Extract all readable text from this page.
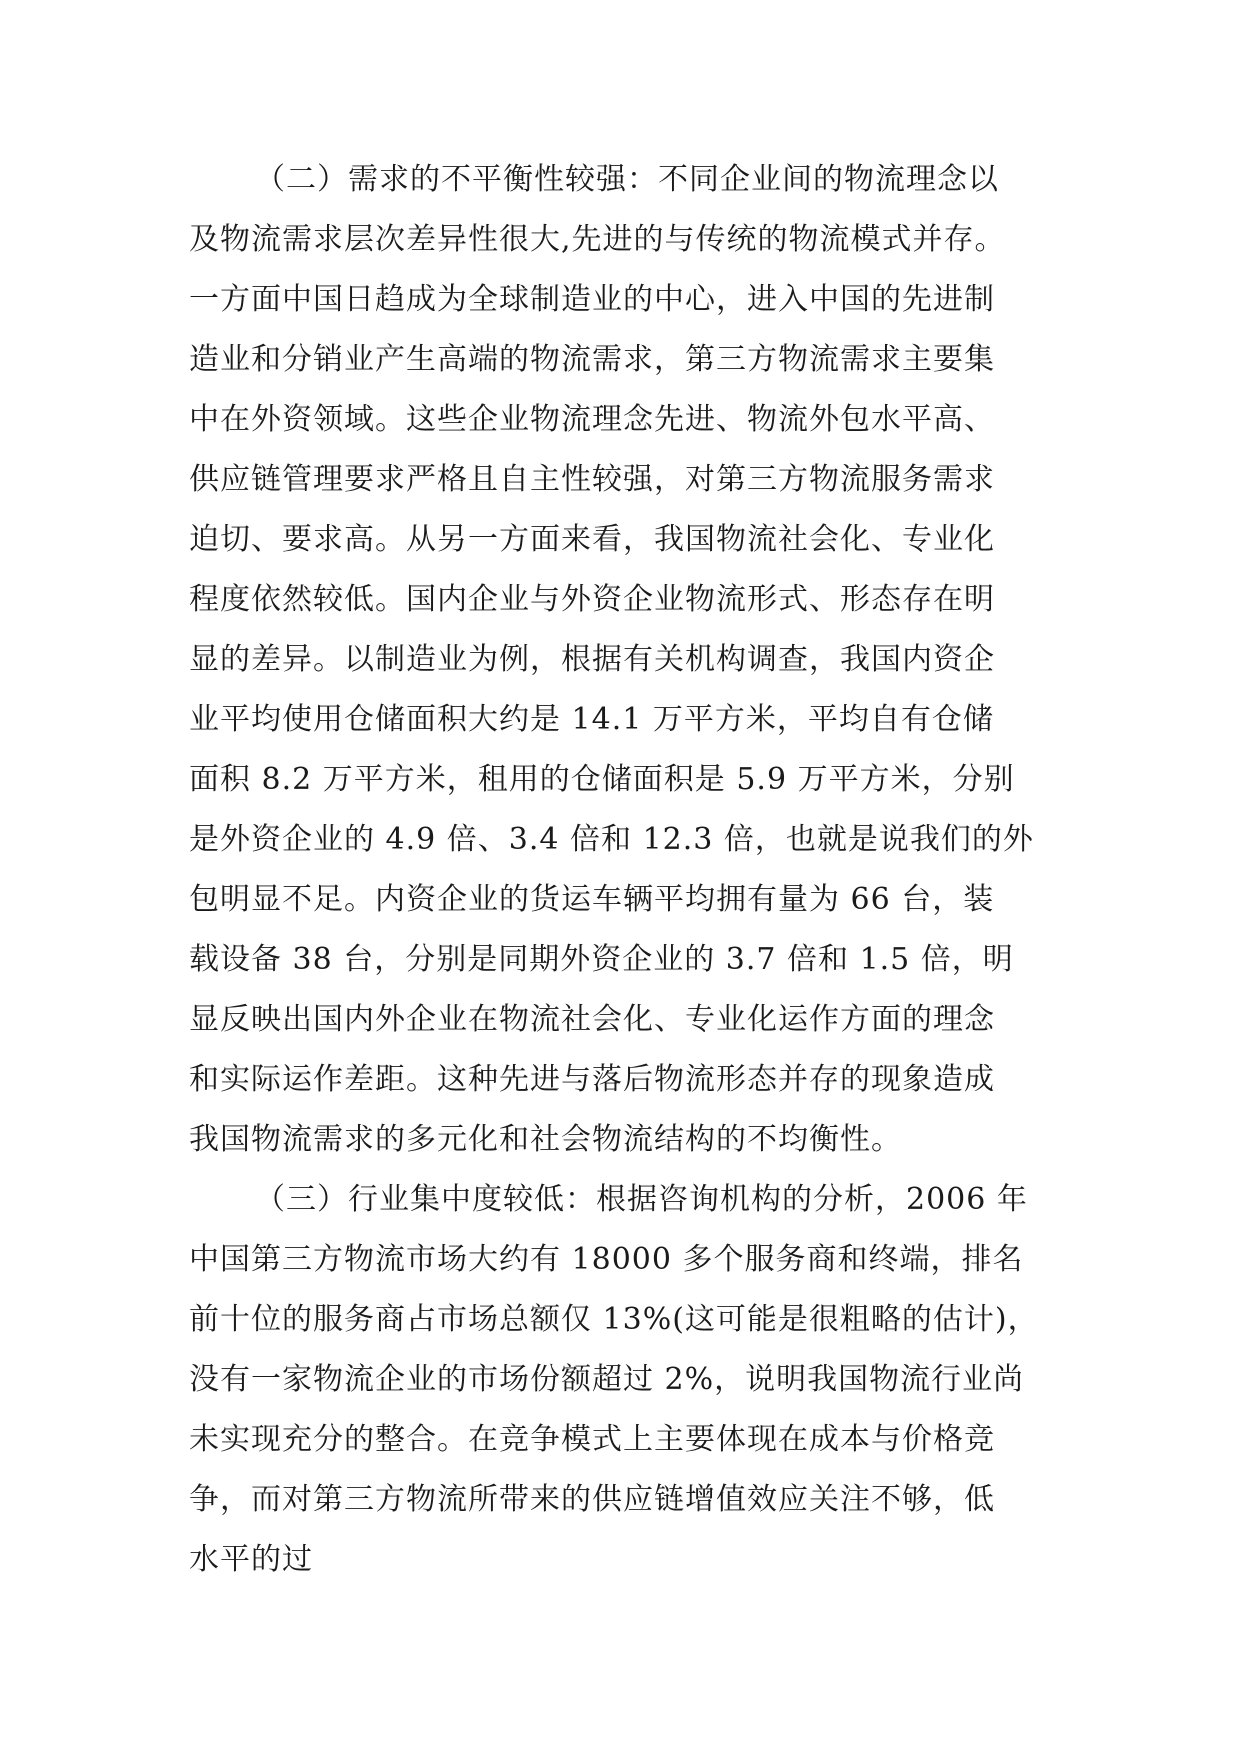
（二）需求的不平衡性较强：不同企业间的物流理念以
及物流需求层次差异性很大,先进的与传统的物流模式并存。
一方面中国日趋成为全球制造业的中心，进入中国的先进制
造业和分销业产生高端的物流需求，第三方物流需求主要集
中在外资领域。这些企业物流理念先进、物流外包水平高、
供应链管理要求严格且自主性较强，对第三方物流服务需求
迫切、要求高。从另一方面来看，我国物流社会化、专业化
程度依然较低。国内企业与外资企业物流形式、形态存在明
显的差异。以制造业为例，根据有关机构调查，我国内资企
业平均使用仓储面积大约是 14.1 万平方米，平均自有仓储
面积 8.2 万平方米，租用的仓储面积是 5.9 万平方米，分别
是外资企业的 4.9 倍、3.4 倍和 12.3 倍，也就是说我们的外
包明显不足。内资企业的货运车辆平均拥有量为 66 台，装
载设备 38 台，分别是同期外资企业的 3.7 倍和 1.5 倍，明
显反映出国内外企业在物流社会化、专业化运作方面的理念
和实际运作差距。这种先进与落后物流形态并存的现象造成
我国物流需求的多元化和社会物流结构的不均衡性。
（三）行业集中度较低：根据咨询机构的分析，2006 年
中国第三方物流市场大约有 18000 多个服务商和终端，排名
前十位的服务商占市场总额仅 13%(这可能是很粗略的估计)，
没有一家物流企业的市场份额超过 2%，说明我国物流行业尚
未实现充分的整合。在竞争模式上主要体现在成本与价格竞
争，而对第三方物流所带来的供应链增值效应关注不够，低
水平的过
